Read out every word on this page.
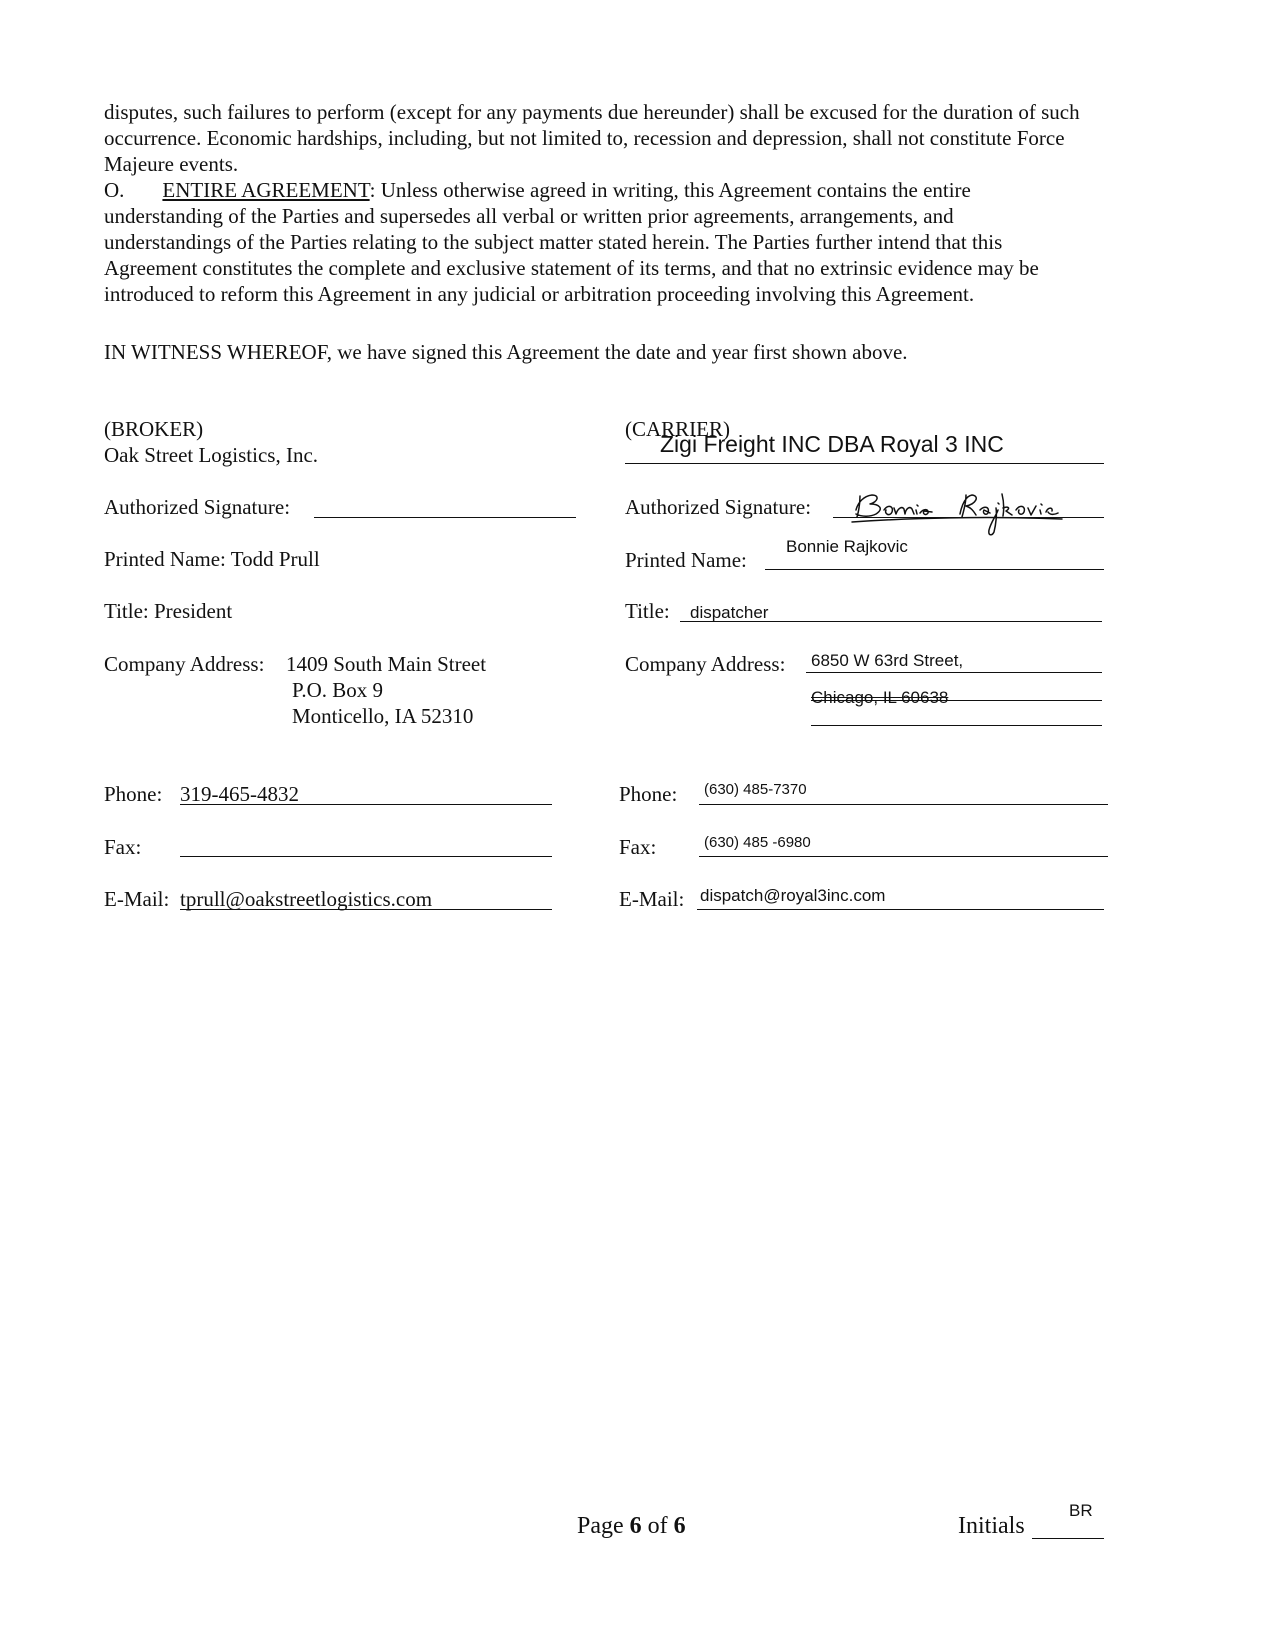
disputes, such failures to perform (except for any payments due hereunder) shall be excused for the duration of such
occurrence. Economic hardships, including, but not limited to, recession and depression, shall not constitute Force
Majeure events.
O. ENTIRE AGREEMENT: Unless otherwise agreed in writing, this Agreement contains the entire
understanding of the Parties and supersedes all verbal or written prior agreements, arrangements, and
understandings of the Parties relating to the subject matter stated herein. The Parties further intend that this
Agreement constitutes the complete and exclusive statement of its terms, and that no extrinsic evidence may be
introduced to reform this Agreement in any judicial or arbitration proceeding involving this Agreement.
IN WITNESS WHEREOF, we have signed this Agreement the date and year first shown above.
(BROKER)
Oak Street Logistics, Inc.
Authorized Signature:
Printed Name: Todd Prull
Title: President
Company Address: 1409 South Main Street
P.O. Box 9
Monticello, IA 52310
Phone: 319-465-4832
Fax:
E-Mail: tprull@oakstreetlogistics.com
(CARRIER)
Zigi Freight INC DBA Royal 3 INC
Authorized Signature:
Printed Name:
Bonnie Rajkovic
Title: dispatcher
Company Address: 6850 W 63rd Street,
Chicago, IL 60638
Phone: (630) 485-7370
Fax:	(630) 485 -6980
E-Mail: dispatch@royal3inc.com
Page 6 of 6	Initials
BR
